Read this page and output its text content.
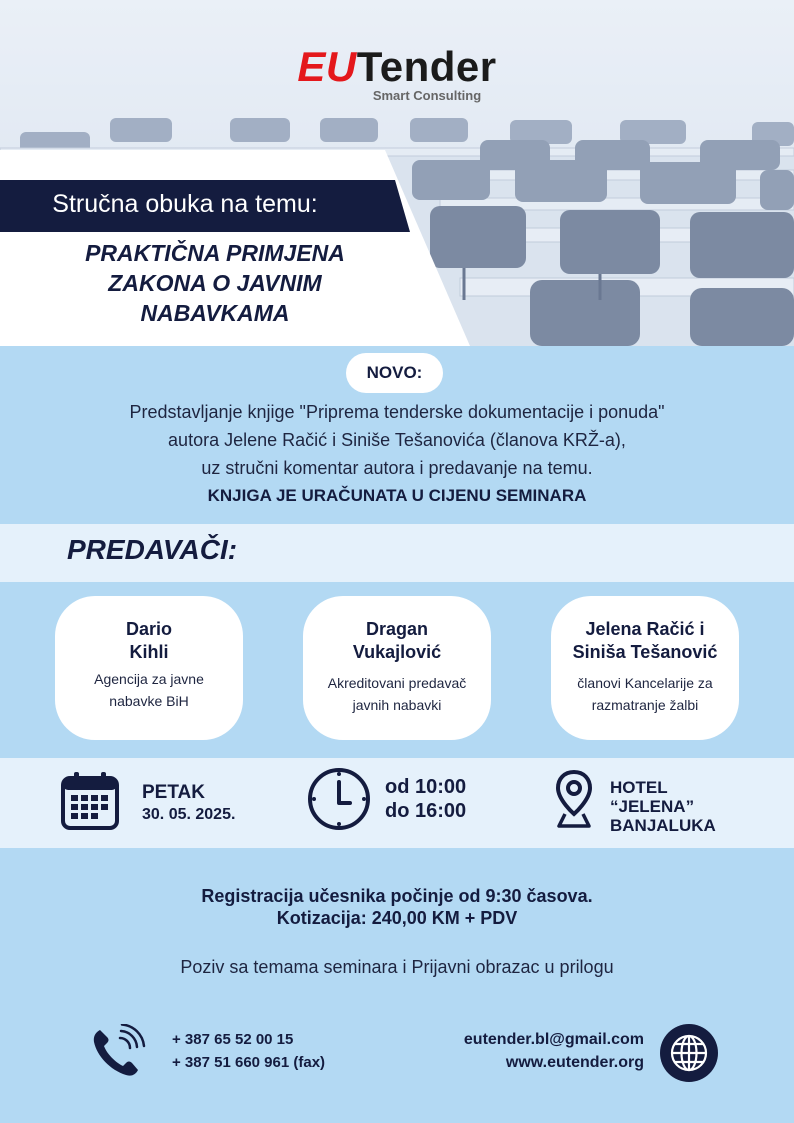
EUTender
Smart Consulting
Stručna obuka na temu:
PRAKTIČNA PRIMJENA
ZAKONA O JAVNIM
NABAVKAMA
NOVO:
Predstavljanje knjige "Priprema tenderske dokumentacije i ponuda"
autora Jelene Račić i Siniše Tešanovića (članova KRŽ-a),
uz stručni komentar autora i predavanje na temu.
KNJIGA JE URAČUNATA U CIJENU SEMINARA
PREDAVAČI:
Dario
Kihli
Agencija za javne
nabavke BiH
Dragan
Vukajlović
Akreditovani predavač
javnih nabavki
Jelena Račić i
Siniša Tešanović
članovi Kancelarije za
razmatranje žalbi
PETAK
30. 05. 2025.
od 10:00
do 16:00
HOTEL
“JELENA”
BANJALUKA
Registracija učesnika počinje od 9:30 časova.
Kotizacija: 240,00 KM + PDV
Poziv sa temama seminara i Prijavni obrazac u prilogu
+ 387 65 52 00 15
+ 387 51 660 961 (fax)
eutender.bl@gmail.com
www.eutender.org
